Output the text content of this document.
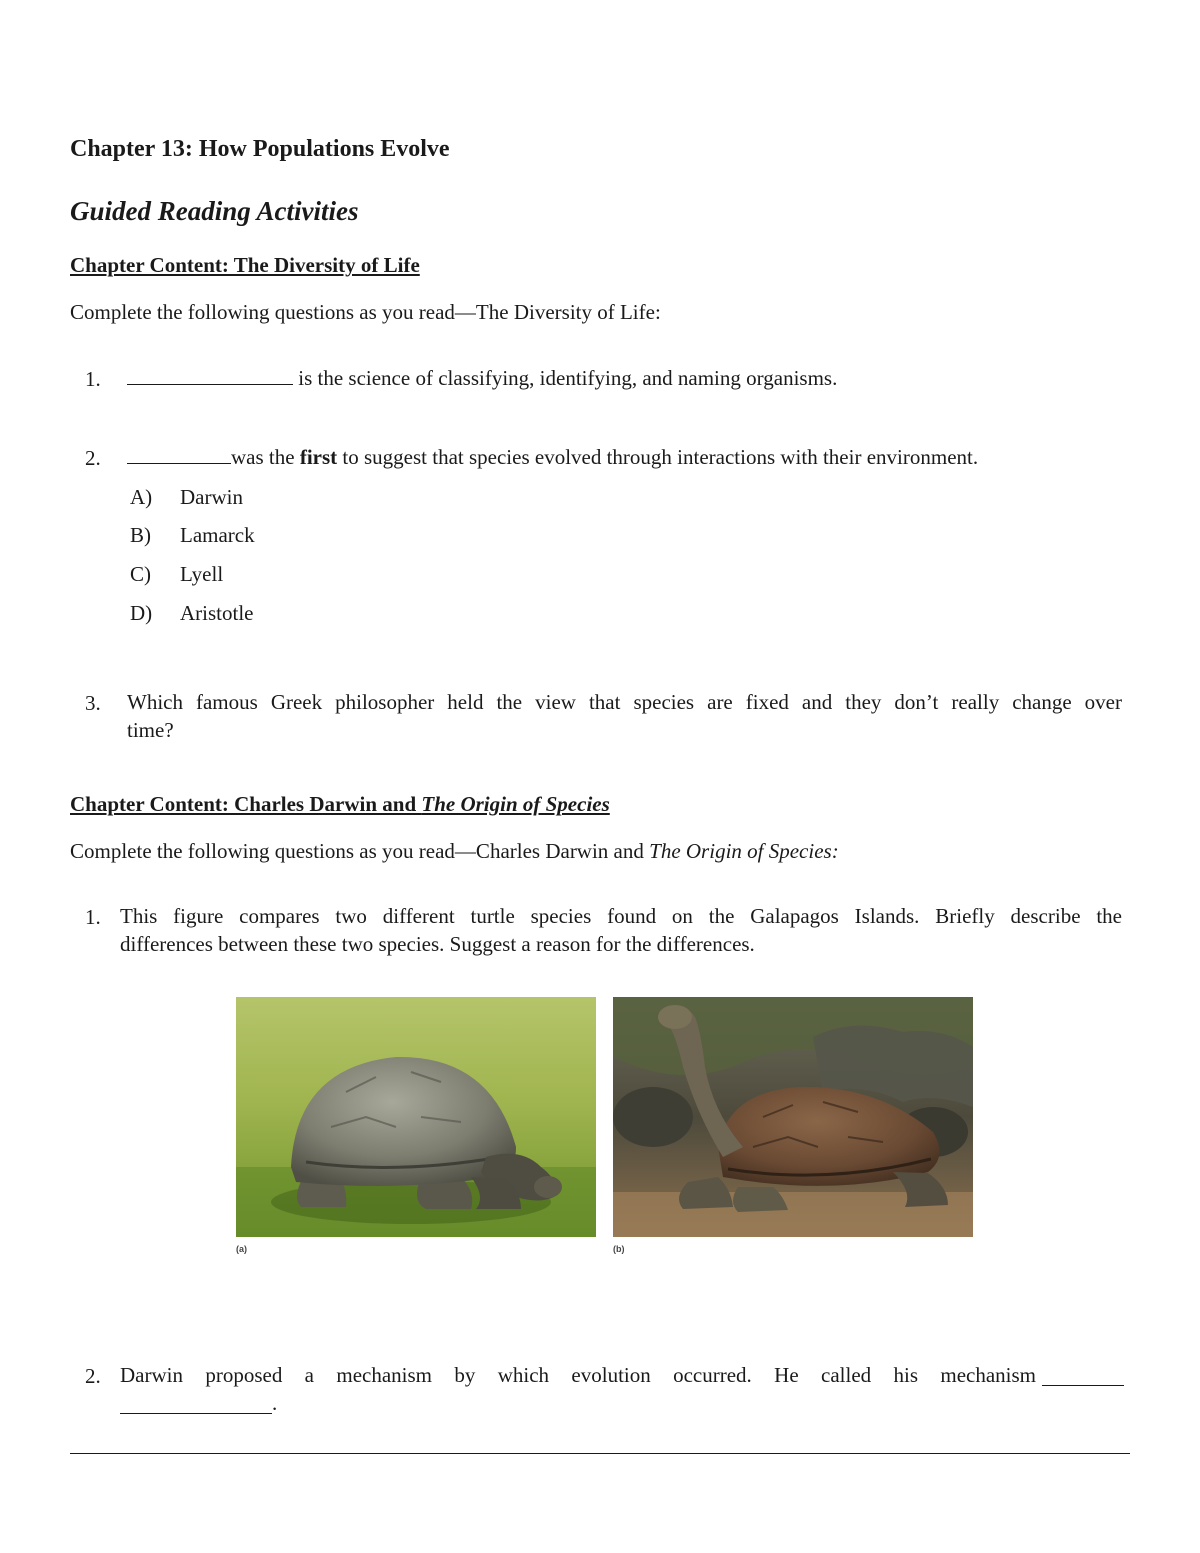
Chapter 13: How Populations Evolve
Guided Reading Activities
Chapter Content: The Diversity of Life
Complete the following questions as you read—The Diversity of Life:
1.	is the science of classifying, identifying, and naming organisms.
2.	was the first to suggest that species evolved through interactions with their environment.
A) Darwin
B) Lamarck
C) Lyell
D) Aristotle
3. Which famous Greek philosopher held the view that species are fixed and they don’t really change over
time?
Chapter Content: Charles Darwin and The Origin of Species
Complete the following questions as you read—Charles Darwin and The Origin of Species:
1. This figure compares two different turtle species found on the Galapagos Islands. Briefly describe the
differences between these two species. Suggest a reason for the differences.
(a)	(b)
2. Darwin proposed a mechanism by which evolution occurred. He called his mechanism
.
